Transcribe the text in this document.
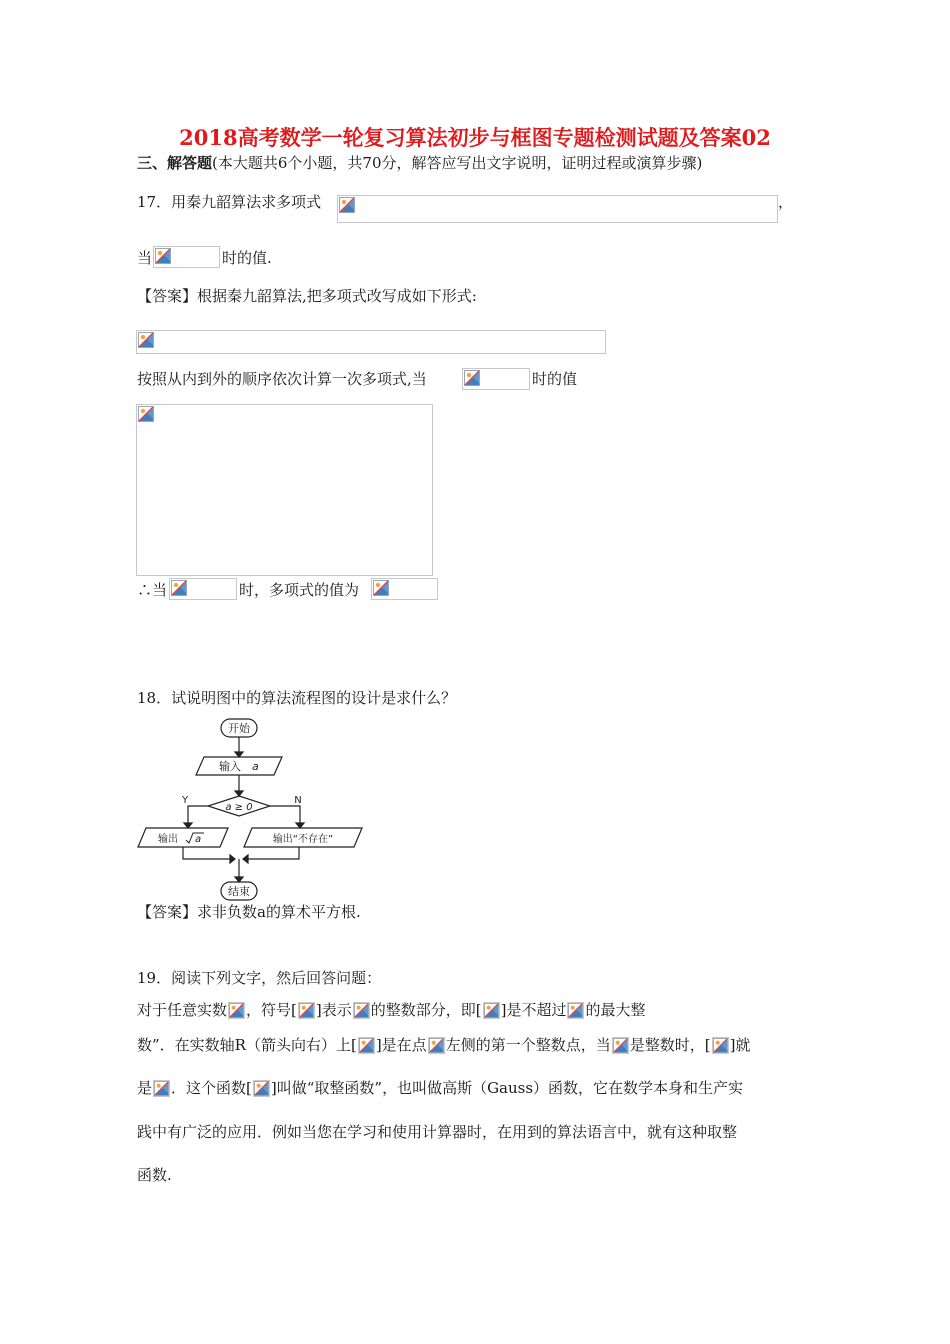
2018高考数学一轮复习算法初步与框图专题检测试题及答案02
三、解答题(本大题共6个小题，共70分，解答应写出文字说明，证明过程或演算步骤)
17．用秦九韶算法求多项式	，
当	时的值.
【答案】根据秦九韶算法,把多项式改写成如下形式:
按照从内到外的顺序依次计算一次多项式,当	时的值
∴当	时，多项式的值为
18．试说明图中的算法流程图的设计是求什么？
开始
输入 a
a ≥ 0
Y	N
输出 a	输出“不存在”
结束
【答案】求非负数a的算术平方根.
19．阅读下列文字，然后回答问题：
对于任意实数 ，符号[ ]表示 的整数部分，即[ ]是不超过 的最大整
数”．在实数轴R（箭头向右）上[ ]是在点 左侧的第一个整数点，当 是整数时，[ ]就
是 ．这个函数[ ]叫做“取整函数”，也叫做高斯（Gauss）函数，它在数学本身和生产实
践中有广泛的应用．例如当您在学习和使用计算器时，在用到的算法语言中，就有这种取整
函数.
